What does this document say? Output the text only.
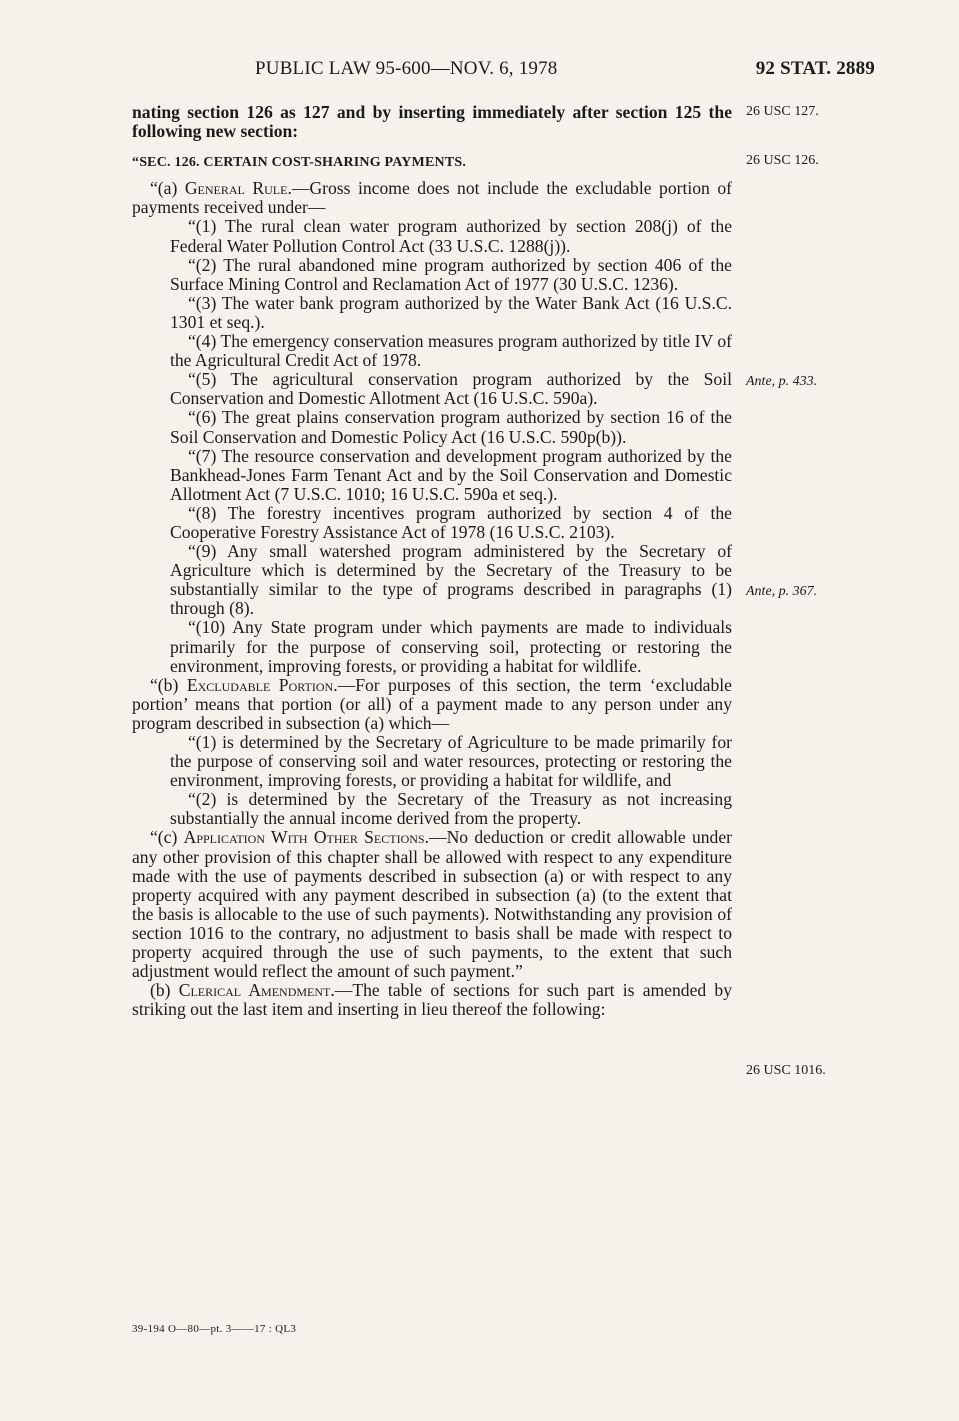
PUBLIC LAW 95-600—NOV. 6, 1978	92 STAT. 2889

nating section 126 as 127 and by inserting immediately after section 125 the following new section:

“SEC. 126. CERTAIN COST-SHARING PAYMENTS.

“(a) General Rule.—Gross income does not include the excludable portion of payments received under—

“(1) The rural clean water program authorized by section 208(j) of the Federal Water Pollution Control Act (33 U.S.C. 1288(j)).

“(2) The rural abandoned mine program authorized by section 406 of the Surface Mining Control and Reclamation Act of 1977 (30 U.S.C. 1236).

“(3) The water bank program authorized by the Water Bank Act (16 U.S.C. 1301 et seq.).

“(4) The emergency conservation measures program authorized by title IV of the Agricultural Credit Act of 1978.

“(5) The agricultural conservation program authorized by the Soil Conservation and Domestic Allotment Act (16 U.S.C. 590a).

“(6) The great plains conservation program authorized by section 16 of the Soil Conservation and Domestic Policy Act (16 U.S.C. 590p(b)).

“(7) The resource conservation and development program authorized by the Bankhead-Jones Farm Tenant Act and by the Soil Conservation and Domestic Allotment Act (7 U.S.C. 1010; 16 U.S.C. 590a et seq.).

“(8) The forestry incentives program authorized by section 4 of the Cooperative Forestry Assistance Act of 1978 (16 U.S.C. 2103).

“(9) Any small watershed program administered by the Secretary of Agriculture which is determined by the Secretary of the Treasury to be substantially similar to the type of programs described in paragraphs (1) through (8).

“(10) Any State program under which payments are made to individuals primarily for the purpose of conserving soil, protecting or restoring the environment, improving forests, or providing a habitat for wildlife.

“(b) Excludable Portion.—For purposes of this section, the term ‘excludable portion’ means that portion (or all) of a payment made to any person under any program described in subsection (a) which—

“(1) is determined by the Secretary of Agriculture to be made primarily for the purpose of conserving soil and water resources, protecting or restoring the environment, improving forests, or providing a habitat for wildlife, and

“(2) is determined by the Secretary of the Treasury as not increasing substantially the annual income derived from the property.

“(c) Application With Other Sections.—No deduction or credit allowable under any other provision of this chapter shall be allowed with respect to any expenditure made with the use of payments described in subsection (a) or with respect to any property acquired with any payment described in subsection (a) (to the extent that the basis is allocable to the use of such payments). Notwithstanding any provision of section 1016 to the contrary, no adjustment to basis shall be made with respect to property acquired through the use of such payments, to the extent that such adjustment would reflect the amount of such payment.”

(b) Clerical Amendment.—The table of sections for such part is amended by striking out the last item and inserting in lieu thereof the following:

26 USC 127.
26 USC 126.
Ante, p. 433.
Ante, p. 367.
26 USC 1016.
39-194 O—80—pt. 3——17 : QL3
